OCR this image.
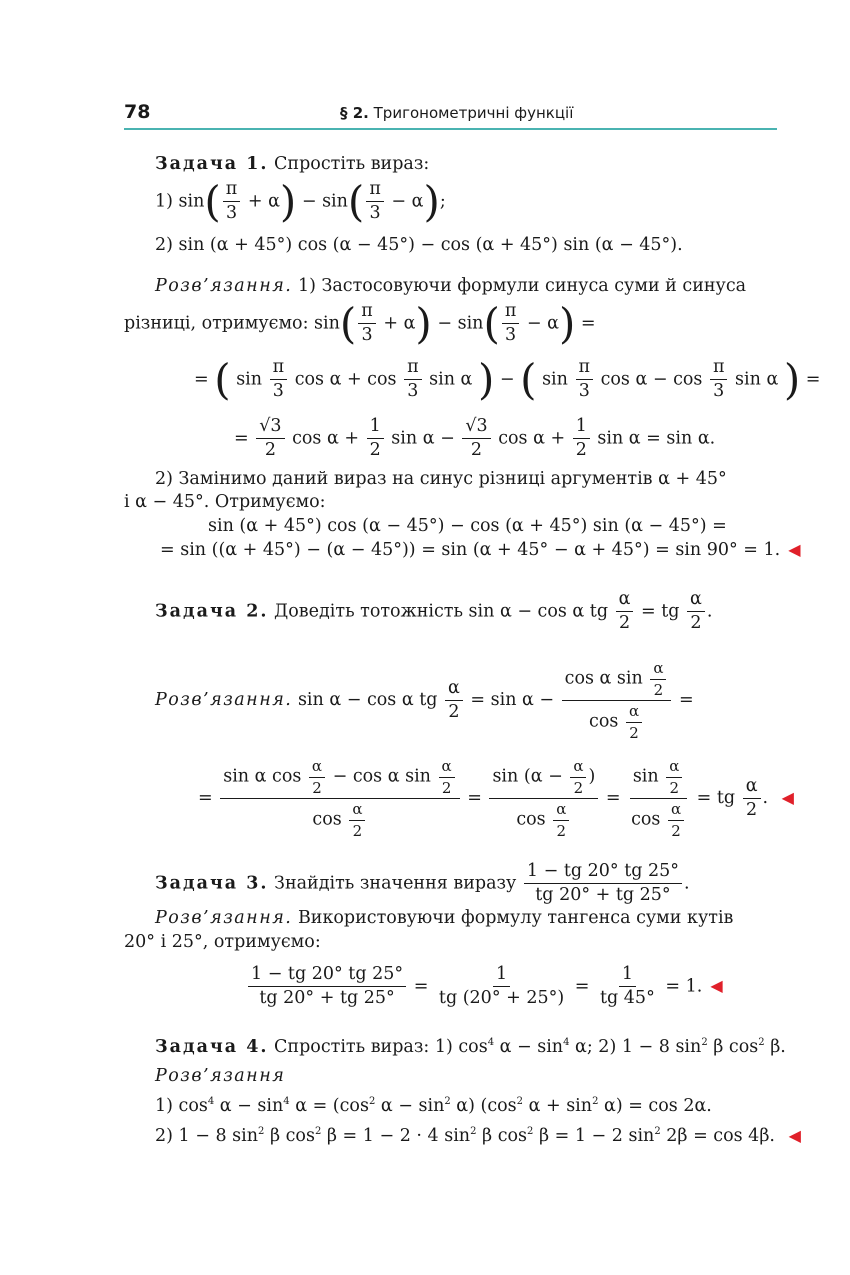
78	§ 2. Тригонометричні функції
Задача 1. Спростіть вираз:
1) $\sin( \frac{\pi}{3} + \alpha) - \sin( \frac{\pi}{3} - \alpha)$;
2) sin (α + 45°) cos (α − 45°) − cos (α + 45°) sin (α − 45°).
Розв’язання. 1) Застосовуючи формули синуса суми й синуса
різниці, отримуємо: $\sin( \frac{\pi}{3} + \alpha) - \sin( \frac{\pi}{3} - \alpha)$ =
= ( $\sin \frac{\pi}{3}$ $\cos \alpha + \cos \frac{\pi}{3}$ sin α ) − ( $\sin \frac{\pi}{3}$ $\cos \alpha - \cos \frac{\pi}{3}$ sin α ) =
= $\frac{√3}{2}$ $\cos \alpha + \frac{1}{2}$ $\sin \alpha - \frac{√3}{2}$ $\cos \alpha + \frac{1}{2}$ sin α = sin α.
2) Замінимо даний вираз на синус різниці аргументів α + 45°
і α − 45°. Отримуємо:
sin (α + 45°) cos (α − 45°) − cos (α + 45°) sin (α − 45°) =
= sin ((α + 45°) − (α − 45°)) = sin (α + 45° − α + 45°) = sin 90° = 1. ◀
Задача 2. Доведіть тотожність sin α − cos α tg $\frac{\alpha}{2}$ = tg $\frac{\alpha}{2}$ .
Розв’язання. sin α − cos α tg $\frac{\alpha}{2} = \sin \alpha - \frac{\cos \alpha \sin \frac{\alpha}{2}}{\cos \frac{\alpha}{2}}$ =
= $\frac{\sin \alpha \cos \frac{\alpha}{2} - \cos \alpha \sin \frac{\alpha}{2}}{\cos \frac{\alpha}{2}} = \frac{\sin (\alpha - \frac{\alpha}{2} )}{\cos \frac{\alpha}{2}} = \frac{\sin \frac{\alpha}{2}}{\cos \frac{\alpha}{2}}$ = tg $\frac{\alpha}{2}$ . ◀
Задача 3. Знайдіть значення виразу $\frac{1 - tg 20^\circ tg 25^\circ}{tg 20^\circ + tg 25^\circ}$ .
Розв’язання. Використовуючи формулу тангенса суми кутів
20° і 25°, отримуємо:
$\frac{1 - tg 20^\circ tg 25^\circ}{tg 20^\circ + tg 25^\circ} = \frac{1}{tg (20^\circ + 25^\circ)} = \frac{1}{tg 45^\circ} = 1$. ◀
Задача 4. Спростіть вираз: 1) $\cos^4 \alpha - \sin^4 \alpha$; 2) 1 − 8 $\sin^2 \beta$ $\cos^2 \beta$.
Розв’язання
1) $\cos^4 \alpha - \sin^4 \alpha = (\cos^2$ $\alpha - \sin^2 \alpha$) ($\cos^2$ $\alpha + \sin^2 \alpha) = \cos 2\alpha$.
2) 1 − 8 $\sin^2 \beta$ $\cos^2 \beta = 1 - 2 \cdot 4$ $\sin^2 \beta$ $\cos^2 \beta = 1 - 2$ $\sin^2 2\beta = \cos 4\beta$. ◀
